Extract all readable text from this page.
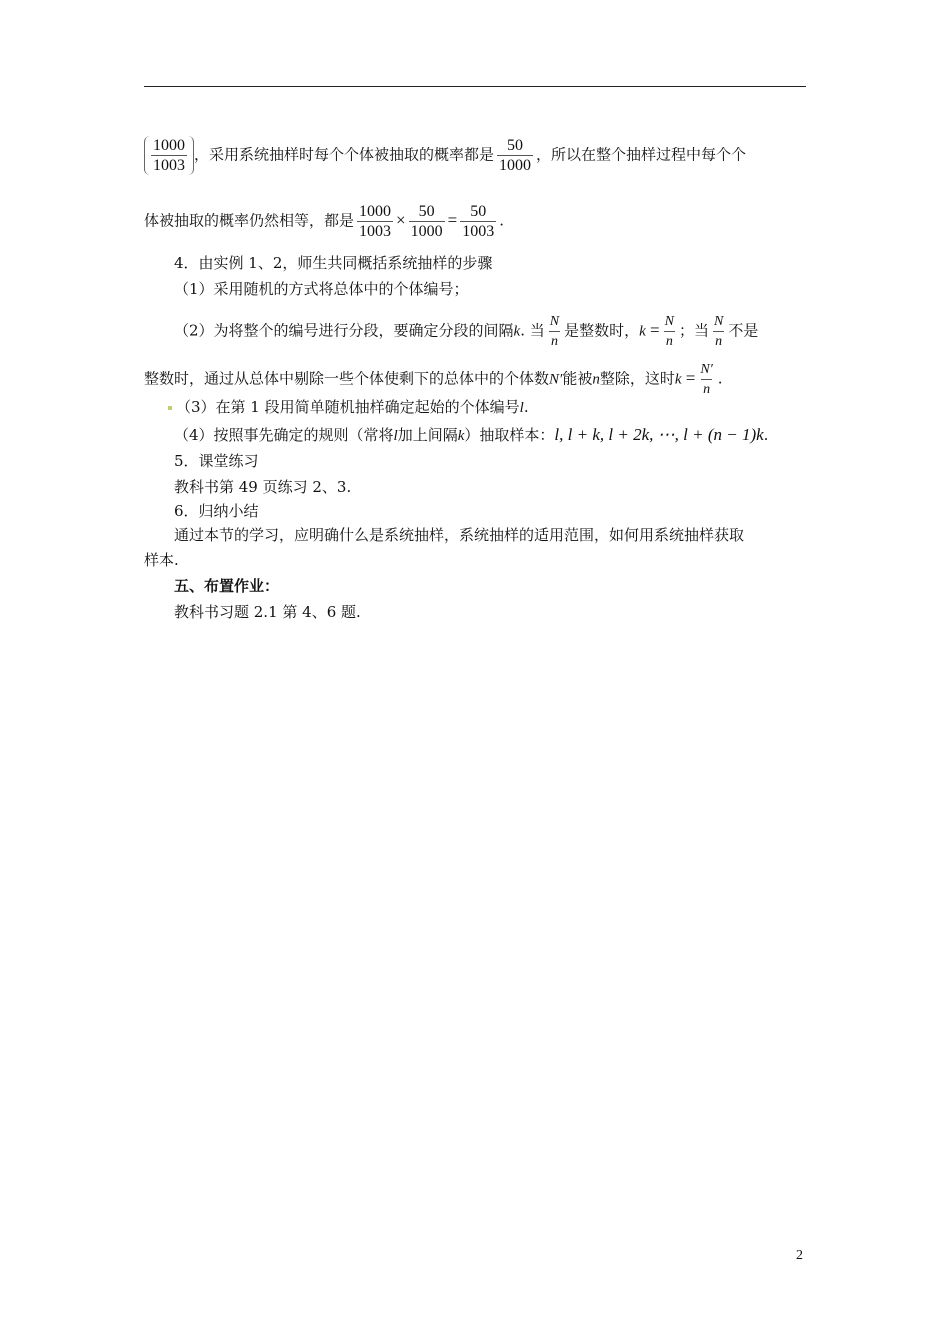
$\frac{1000}{1003}$ ，采用系统抽样时每个个体被抽取的概率都是 $\frac{50}{1000}$ ，所以在整个抽样过程中每个个
体被抽取的概率仍然相等，都是 $\frac{1000}{1003} \times \frac{50}{1000} = \frac{50}{1003}$ .
4．由实例 1、2，师生共同概括系统抽样的步骤
（1）采用随机的方式将总体中的个体编号；
（2）为将整个的编号进行分段，要确定分段的间隔k. 当 $\frac{N}{n}$ 是整数时，$k = \frac{N}{n}$ ；当 $\frac{N}{n}$ 不是
整数时，通过从总体中剔除一些个体使剩下的总体中的个体数N′能被n整除，这时$k = \frac{N'}{n}$ .
（3）在第 1 段用简单随机抽样确定起始的个体编号l.
（4）按照事先确定的规则（常将l加上间隔k）抽取样本：l, l + k, l + 2k, ⋯, l + (n − 1)k.
5．课堂练习
教科书第 49 页练习 2、3.
6．归纳小结
通过本节的学习，应明确什么是系统抽样，系统抽样的适用范围，如何用系统抽样获取
样本.
五、布置作业：
教科书习题 2.1 第 4、6 题.
2
